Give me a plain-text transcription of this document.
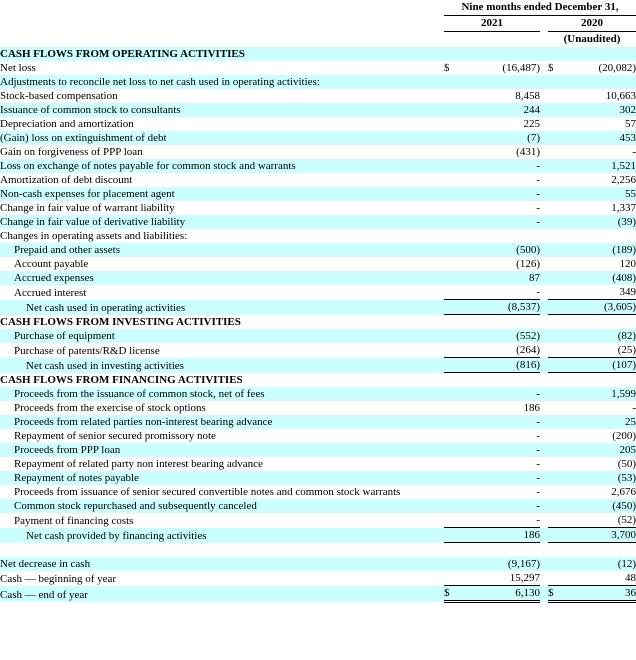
	Nine months ended December 31,				
	2021			2020	
				(Unaudited)	
CASH FLOWS FROM OPERATING ACTIVITIES					
Net loss	$	(16,487)		$	(20,082)
Adjustments to reconcile net loss to net cash used in operating activities:					
Stock-based compensation		8,458			10,663
Issuance of common stock to consultants		244			302
Depreciation and amortization		225			57
(Gain) loss on extinguishment of debt		(7)			453
Gain on forgiveness of PPP loan		(431)			-
Loss on exchange of notes payable for common stock and warrants		-			1,521
Amortization of debt discount		-			2,256
Non-cash expenses for placement agent		-			55
Change in fair value of warrant liability		-			1,337
Change in fair value of derivative liability		-			(39)
Changes in operating assets and liabilities:					
Prepaid and other assets		(500)			(189)
Account payable		(126)			120
Accrued expenses		87			(408)
Accrued interest		-			349
Net cash used in operating activities		(8,537)			(3,605)
CASH FLOWS FROM INVESTING ACTIVITIES					
Purchase of equipment		(552)			(82)
Purchase of patents/R&D license		(264)			(25)
Net cash used in investing activities		(816)			(107)
CASH FLOWS FROM FINANCING ACTIVITIES					
Proceeds from the issuance of common stock, net of fees		-			1,599
Proceeds from the exercise of stock options		186			-
Proceeds from related parties non-interest bearing advance		-			25
Repayment of senior secured promissory note		-			(200)
Proceeds from PPP loan		-			205
Repayment of related party non interest bearing advance		-			(50)
Repayment of notes payable		-			(53)
Proceeds from issuance of senior secured convertible notes and common stock warrants		-			2,676
Common stock repurchased and subsequently canceled		-			(450)
Payment of financing costs		-			(52)
Net cash provided by financing activities		186			3,700

Net decrease in cash		(9,167)			(12)
Cash — beginning of year		15,297			48
Cash — end of year	$	6,130		$	36
